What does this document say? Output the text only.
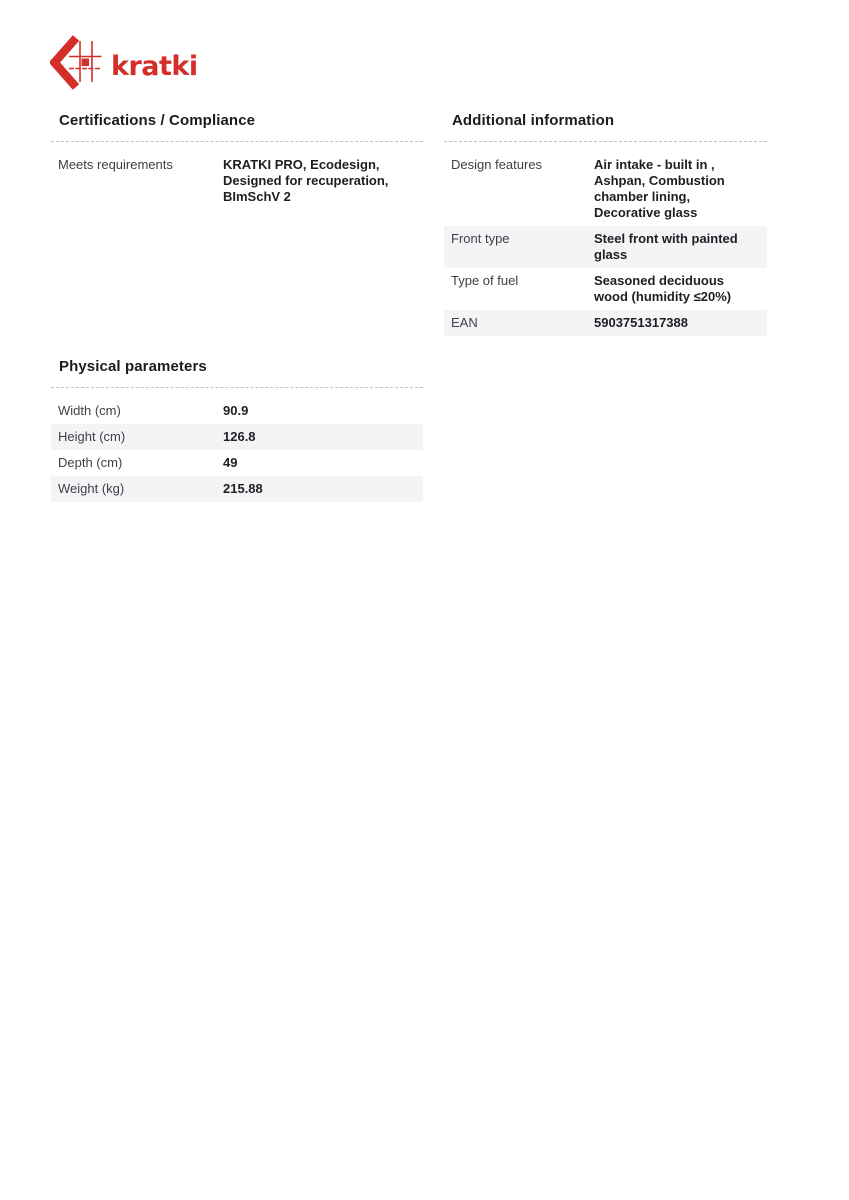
kratki
Certifications / Compliance
Meets requirements	KRATKI PRO, Ecodesign, Designed for recuperation, BImSchV 2
Additional information
Design features	Air intake - built in , Ashpan, Combustion chamber lining, Decorative glass
Front type	Steel front with painted glass
Type of fuel	Seasoned deciduous wood (humidity ≤20%)
EAN	5903751317388
Physical parameters
Width (cm)	90.9
Height (cm)	126.8
Depth (cm)	49
Weight (kg)	215.88
